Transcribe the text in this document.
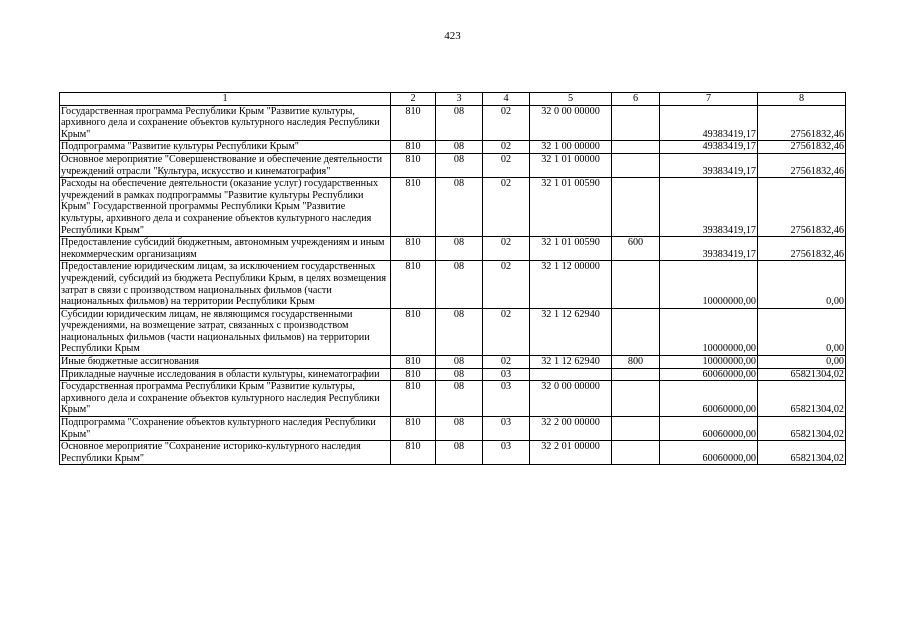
423
1	2	3	4	5	6	7	8
Государственная программа Республики Крым "Развитие культуры, архивного дела и сохранение объектов культурного наследия Республики Крым"	810	08	02	32 0 00 00000		49383419,17	27561832,46
Подпрограмма "Развитие культуры Республики Крым"	810	08	02	32 1 00 00000		49383419,17	27561832,46
Основное мероприятие "Совершенствование и обеспечение деятельности учреждений отрасли "Культура, искусство и кинематография"	810	08	02	32 1 01 00000		39383419,17	27561832,46
Расходы на обеспечение деятельности (оказание услуг) государственных учреждений в рамках подпрограммы "Развитие культуры Республики Крым" Государственной программы Республики Крым "Развитие культуры, архивного дела и сохранение объектов культурного наследия Республики Крым"	810	08	02	32 1 01 00590		39383419,17	27561832,46
Предоставление субсидий бюджетным, автономным учреждениям и иным некоммерческим организациям	810	08	02	32 1 01 00590	600	39383419,17	27561832,46
Предоставление юридическим лицам, за исключением государственных учреждений, субсидий из бюджета Республики Крым, в целях возмещения затрат в связи с производством национальных фильмов (части национальных фильмов) на территории Республики Крым	810	08	02	32 1 12 00000		10000000,00	0,00
Субсидии юридическим лицам, не являющимся государственными учреждениями, на возмещение затрат, связанных с производством национальных фильмов (части национальных фильмов) на территории Республики Крым	810	08	02	32 1 12 62940		10000000,00	0,00
Иные бюджетные ассигнования	810	08	02	32 1 12 62940	800	10000000,00	0,00
Прикладные научные исследования в области культуры, кинематографии	810	08	03			60060000,00	65821304,02
Государственная программа Республики Крым "Развитие культуры, архивного дела и сохранение объектов культурного наследия Республики Крым"	810	08	03	32 0 00 00000		60060000,00	65821304,02
Подпрограмма "Сохранение объектов культурного наследия Республики Крым"	810	08	03	32 2 00 00000		60060000,00	65821304,02
Основное мероприятие "Сохранение историко-культурного наследия Республики Крым"	810	08	03	32 2 01 00000		60060000,00	65821304,02
